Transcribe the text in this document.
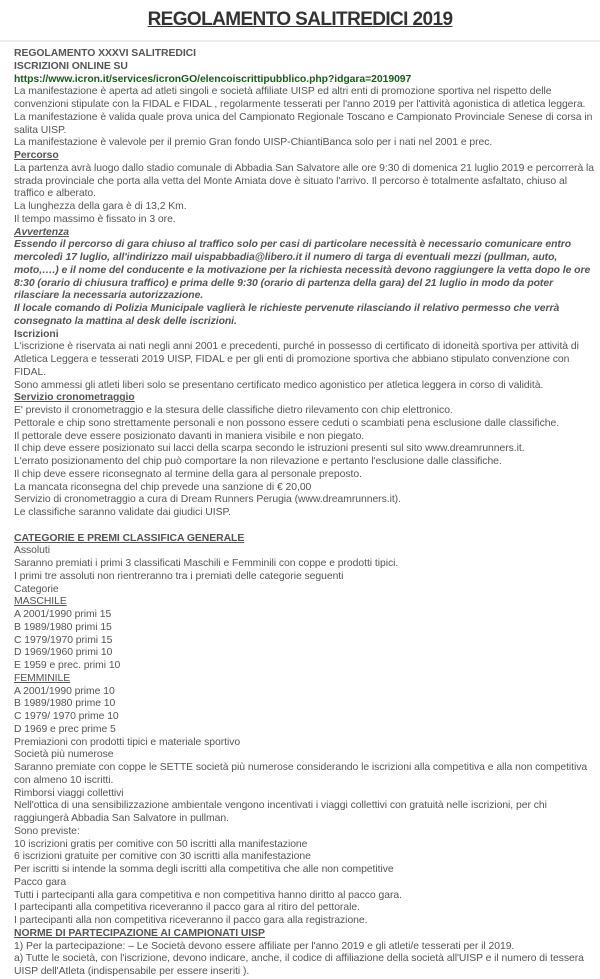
REGOLAMENTO SALITREDICI 2019

REGOLAMENTO XXXVI SALITREDICI

ISCRIZIONI ONLINE SU

https://www.icron.it/services/icronGO/elencoiscrittipubblico.php?idgara=2019097

La manifestazione è aperta ad atleti singoli e società affiliate UISP ed altri enti di promozione sportiva nel rispetto delle convenzioni stipulate con la FIDAL e FIDAL , regolarmente tesserati per l'anno 2019 per l'attività agonistica di atletica leggera.

La manifestazione è valida quale prova unica del Campionato Regionale Toscano e Campionato Provinciale Senese di corsa in salita UISP.

La manifestazione è valevole per il premio Gran fondo UISP-ChiantiBanca solo per i nati nel 2001 e prec.

Percorso

La partenza avrà luogo dallo stadio comunale di Abbadia San Salvatore alle ore 9:30 di domenica 21 luglio 2019 e percorrerà la strada provinciale che porta alla vetta del Monte Amiata dove è situato l'arrivo. Il percorso è totalmente asfaltato, chiuso al traffico e alberato.

La lunghezza della gara è di 13,2 Km.

Il tempo massimo è fissato in 3 ore.

Avvertenza

Essendo il percorso di gara chiuso al traffico solo per casi di particolare necessità è necessario comunicare entro mercoledì 17 luglio, all'indirizzo mail uispabbadia@libero.it il numero di targa di eventuali mezzi (pullman, auto, moto,….) e il nome del conducente e la motivazione per la richiesta necessità devono raggiungere la vetta dopo le ore 8:30 (orario di chiusura traffico) e prima delle 9:30 (orario di partenza della gara) del 21 luglio in modo da poter rilasciare la necessaria autorizzazione.

Il locale comando di Polizia Municipale vaglierà le richieste pervenute rilasciando il relativo permesso che verrà consegnato la mattina al desk delle iscrizioni.

Iscrizioni

L'iscrizione è riservata ai nati negli anni 2001 e precedenti, purché in possesso di certificato di idoneità sportiva per attività di Atletica Leggera e tesserati 2019 UISP, FIDAL e per gli enti di promozione sportiva che abbiano stipulato convenzione con FIDAL.

Sono ammessi gli atleti liberi solo se presentano certificato medico agonistico per atletica leggera in corso di validità.

Servizio cronometraggio

E' previsto il cronometraggio e la stesura delle classifiche dietro rilevamento con chip elettronico.

Pettorale e chip sono strettamente personali e non possono essere ceduti o scambiati pena esclusione dalle classifiche.

Il pettorale deve essere posizionato davanti in maniera visibile e non piegato.

Il chip deve essere posizionato sui lacci della scarpa secondo le istruzioni presenti sul sito www.dreamrunners.it.

L'errato posizionamento del chip può comportare la non rilevazione e pertanto l'esclusione dalle classifiche.

Il chip deve essere riconsegnato al termine della gara al personale preposto.

La mancata riconsegna del chip prevede una sanzione di € 20,00

Servizio di cronometraggio a cura di Dream Runners Perugia (www.dreamrunners.it).

Le classifiche saranno validate dai giudici UISP.

CATEGORIE E PREMI CLASSIFICA GENERALE

Assoluti

Saranno premiati i primi 3 classificati Maschili e Femminili con coppe e prodotti tipici.

I primi tre assoluti non rientreranno tra i premiati delle categorie seguenti

Categorie

MASCHILE

A 2001/1990 primi 15

B 1989/1980 primi 15

C 1979/1970 primi 15

D 1969/1960 primi 10

E 1959 e prec. primi 10

FEMMINILE

A 2001/1990 prime 10

B 1989/1980 prime 10

C 1979/ 1970 prime 10

D 1969 e prec prime 5

Premiazioni con prodotti tipici e materiale sportivo

Società più numerose

Saranno premiate con coppe le SETTE società più numerose considerando le iscrizioni alla competitiva e alla non competitiva con almeno 10 iscritti.

Rimborsi viaggi collettivi

Nell'ottica di una sensibilizzazione ambientale vengono incentivati i viaggi collettivi con gratuità nelle iscrizioni, per chi raggiungerà Abbadia San Salvatore in pullman.

Sono previste:

10 iscrizioni gratis per comitive con 50 iscritti alla manifestazione

6 iscrizioni gratuite per comitive con 30 iscritti alla manifestazione

Per iscritti si intende la somma degli iscritti alla competitiva che alle non competitive

Pacco gara

Tutti i partecipanti alla gara competitiva e non competitiva hanno diritto al pacco gara.

I partecipanti alla competitiva riceveranno il pacco gara al ritiro del pettorale.

I partecipanti alla non competitiva riceveranno il pacco gara alla registrazione.

NORME DI PARTECIPAZIONE AI CAMPIONATI UISP

1) Per la partecipazione: – Le Società devono essere affiliate per l'anno 2019 e gli atleti/e tesserati per il 2019.

a) Tutte le società, con l'iscrizione, devono indicare, anche, il codice di affiliazione della società all'UISP e il numero di tessera UISP dell'Atleta (indispensabile per essere inseriti ).
